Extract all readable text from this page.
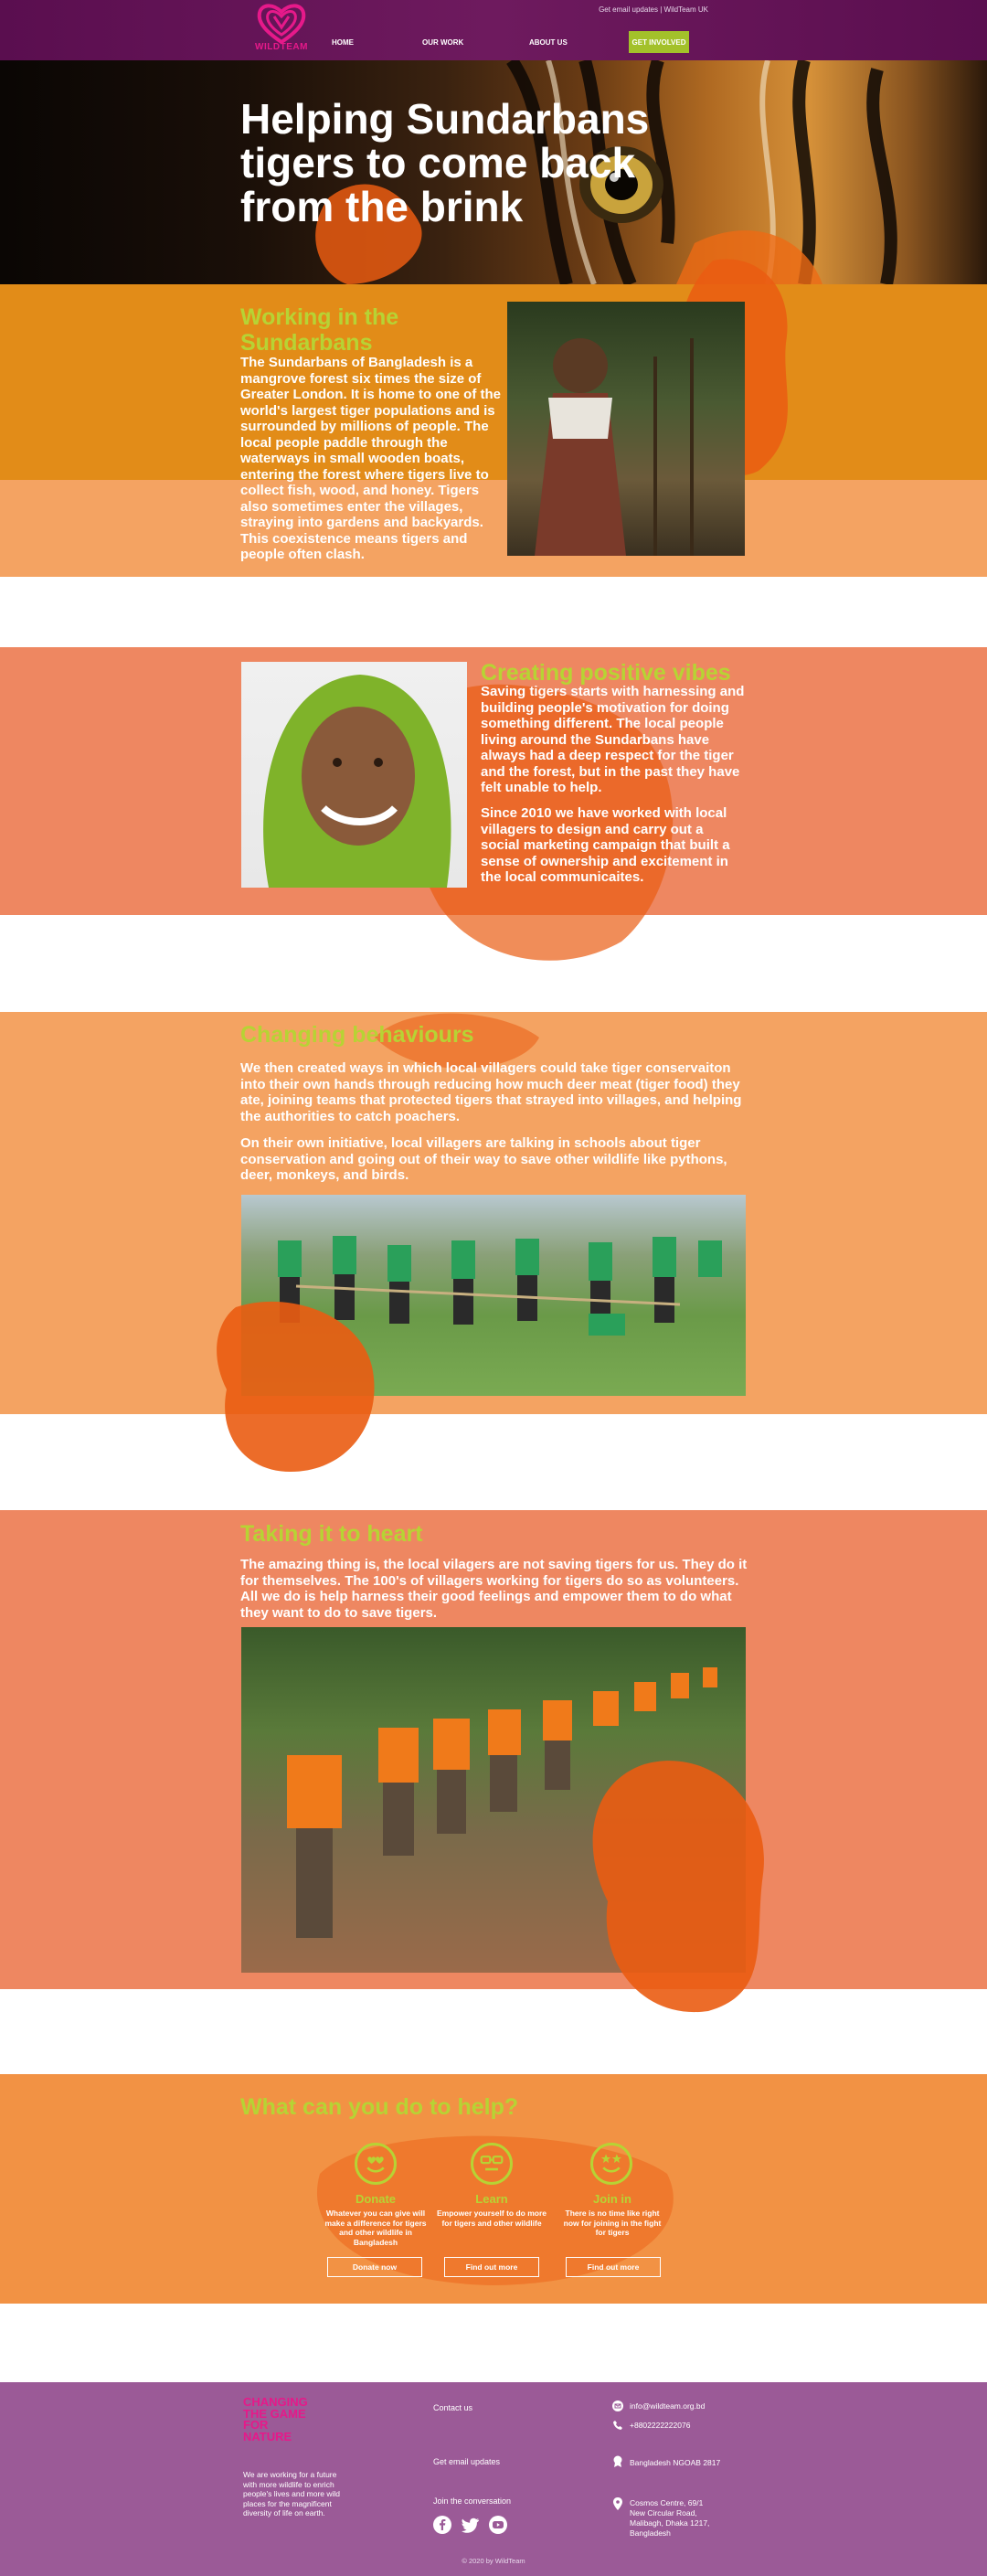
WILDTEAM
Get email updates | WildTeam UK
HOME	OUR WORK	ABOUT US	GET INVOLVED
Helping Sundarbans tigers to come back from the brink
Working in the Sundarbans
The Sundarbans of Bangladesh is a mangrove forest six times the size of Greater London. It is home to one of the world's largest tiger populations and is surrounded by millions of people. The local people paddle through the waterways in small wooden boats, entering the forest where tigers live to collect fish, wood, and honey. Tigers also sometimes enter the villages, straying into gardens and backyards. This coexistence means tigers and people often clash.
Creating positive vibes
Saving tigers starts with harnessing and building people's motivation for doing something different. The local people living around the Sundarbans have always had a deep respect for the tiger and the forest, but in the past they have felt unable to help.
Since 2010 we have worked with local villagers to design and carry out a social marketing campaign that built a sense of ownership and excitement in the local communicaites.
Changing behaviours
We then created ways in which local villagers could take tiger conservaiton into their own hands through reducing how much deer meat (tiger food) they ate, joining teams that protected tigers that strayed into villages, and helping the authorities to catch poachers.
On their own initiative, local villagers are talking in schools about tiger conservation and going out of their way to save other wildlife like pythons, deer, monkeys, and birds.
Taking it to heart
The amazing thing is, the local vilagers are not saving tigers for us. They do it for themselves. The 100's of villagers working for tigers do so as volunteers. All we do is help harness their good feelings and empower them to do what they want to do to save tigers.
What can you do to help?
Donate	Learn	Join in
Whatever you can give will make a difference for tigers and other wildlife in Bangladesh
Empower yourself to do more for tigers and other wildlife
There is no time like right now for joining in the fight for tigers
Donate now	Find out more	Find out more
CHANGING
THE GAME
FOR
NATURE
We are working for a future with more wildlife to enrich people's lives and more wild places for the magnificent diversity of life on earth.
Contact us
Get email updates
Join the conversation
info@wildteam.org.bd
+8802222222076
Bangladesh NGOAB 2817
Cosmos Centre, 69/1 New Circular Road, Malibagh, Dhaka 1217, Bangladesh
© 2020 by WildTeam
